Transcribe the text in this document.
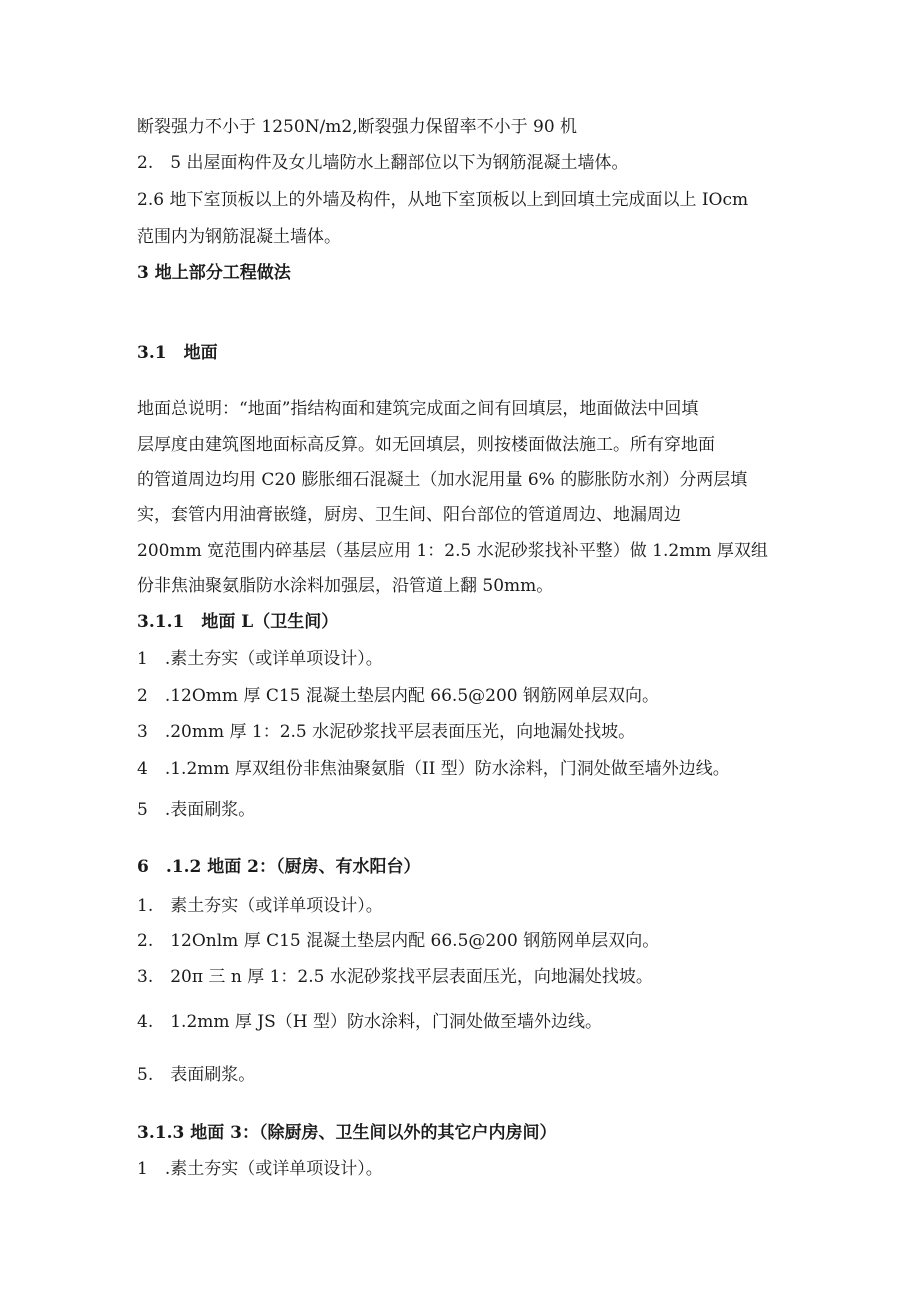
断裂强力不小于 1250N∕m2,断裂强力保留率不小于 90 机
2.　5 出屋面构件及女儿墙防水上翻部位以下为钢筋混凝土墙体。
2.6 地下室顶板以上的外墙及构件，从地下室顶板以上到回填土完成面以上 IOcm
范围内为钢筋混凝土墙体。
3 地上部分工程做法
3.1　地面
地面总说明：“地面”指结构面和建筑完成面之间有回填层，地面做法中回填
层厚度由建筑图地面标高反算。如无回填层，则按楼面做法施工。所有穿地面
的管道周边均用 C20 膨胀细石混凝土（加水泥用量 6% 的膨胀防水剂）分两层填
实，套管内用油膏嵌缝，厨房、卫生间、阳台部位的管道周边、地漏周边
200mm 宽范围内碎基层（基层应用 1：2.5 水泥砂浆找补平整）做 1.2mm 厚双组
份非焦油聚氨脂防水涂料加强层，沿管道上翻 50mm。
3.1.1　地面 L（卫生间）
1　.素土夯实（或详单项设计）。
2　.12Omm 厚 C15 混凝土垫层内配 66.5@200 钢筋网单层双向。
3　.20mm 厚 1：2.5 水泥砂浆找平层表面压光，向地漏处找坡。
4　.1.2mm 厚双组份非焦油聚氨脂（II 型）防水涂料，门洞处做至墙外边线。
5　.表面刷浆。
6　.1.2 地面 2：（厨房、有水阳台）
1.　素土夯实（或详单项设计）。
2.　12Onlm 厚 C15 混凝土垫层内配 66.5@200 钢筋网单层双向。
3.　20π 三 n 厚 1：2.5 水泥砂浆找平层表面压光，向地漏处找坡。
4.　1.2mm 厚 JS（H 型）防水涂料，门洞处做至墙外边线。
5.　表面刷浆。
3.1.3 地面 3：（除厨房、卫生间以外的其它户内房间）
1　.素土夯实（或详单项设计）。
